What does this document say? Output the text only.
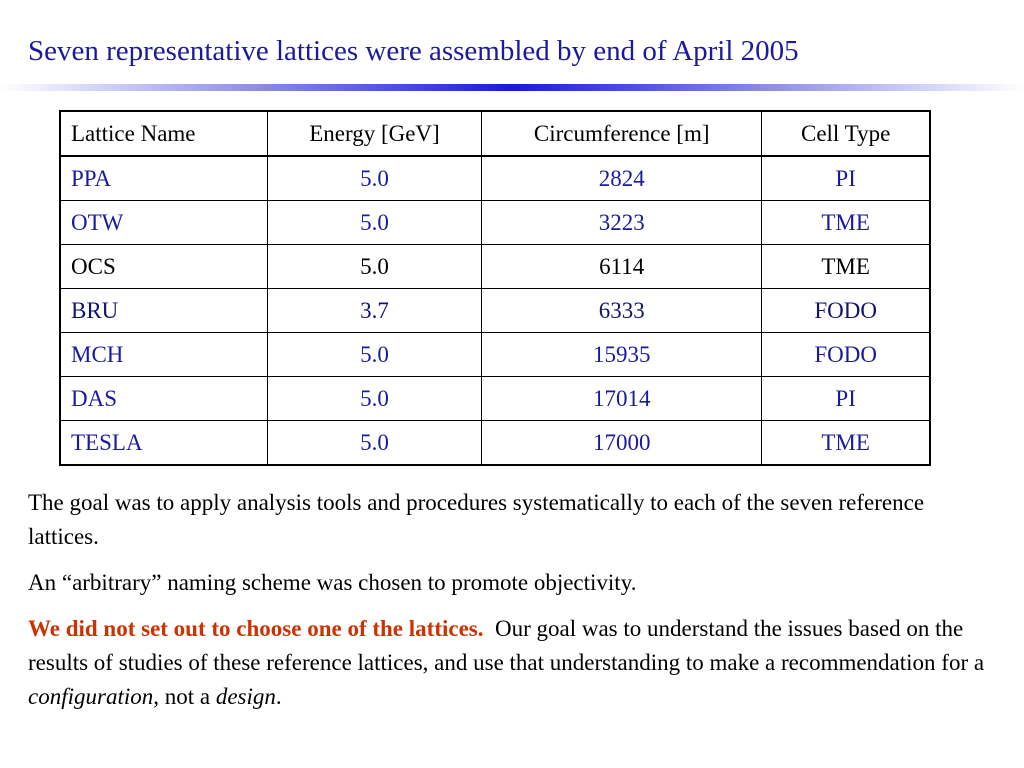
Seven representative lattices were assembled by end of April 2005
Lattice Name	Energy [GeV]	Circumference [m]	Cell Type
PPA	5.0	2824	PI
OTW	5.0	3223	TME
OCS	5.0	6114	TME
BRU	3.7	6333	FODO
MCH	5.0	15935	FODO
DAS	5.0	17014	PI
TESLA	5.0	17000	TME

The goal was to apply analysis tools and procedures systematically to each of the seven reference lattices.

An “arbitrary” naming scheme was chosen to promote objectivity.

We did not set out to choose one of the lattices.  Our goal was to understand the issues based on the results of studies of these reference lattices, and use that understanding to make a recommendation for a configuration, not a design.
